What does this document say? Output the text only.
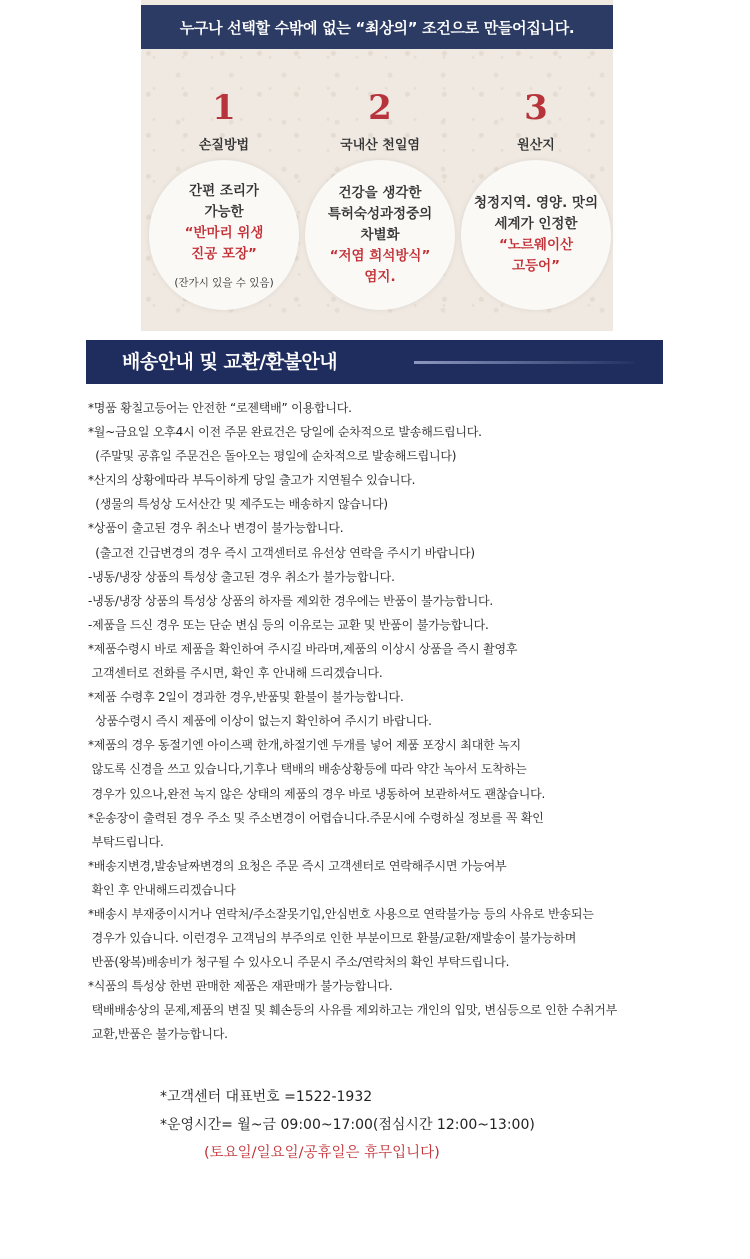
누구나 선택할 수밖에 없는 “최상의” 조건으로 만들어집니다.
1
손질방법
간편 조리가
가능한
“반마리 위생
진공 포장”
(잔가시 있을 수 있음)
2
국내산 천일염
건강을 생각한
특허숙성과정중의
차별화
“저염 희석방식”
염지.
3
원산지
청정지역. 영양. 맛의
세계가 인정한
“노르웨이산
고등어”
배송안내 및 교환/환불안내
*명품 황칠고등어는 안전한 “로젠택배” 이용합니다.
*월~금요일 오후4시 이전 주문 완료건은 당일에 순차적으로 발송해드립니다.
(주말및 공휴일 주문건은 돌아오는 평일에 순차적으로 발송해드립니다)
*산지의 상황에따라 부득이하게 당일 출고가 지연될수 있습니다.
(생물의 특성상 도서산간 및 제주도는 배송하지 않습니다)
*상품이 출고된 경우 취소나 변경이 불가능합니다.
(출고전 긴급변경의 경우 즉시 고객센터로 유선상 연락을 주시기 바랍니다)
-냉동/냉장 상품의 특성상 출고된 경우 취소가 불가능합니다.
-냉동/냉장 상품의 특성상 상품의 하자를 제외한 경우에는 반품이 불가능합니다.
-제품을 드신 경우 또는 단순 변심 등의 이유로는 교환 및 반품이 불가능합니다.
*제품수령시 바로 제품을 확인하여 주시길 바라며,제품의 이상시 상품을 즉시 촬영후
고객센터로 전화를 주시면, 확인 후 안내해 드리겠습니다.
*제품 수령후 2일이 경과한 경우,반품및 환불이 불가능합니다.
상품수령시 즉시 제품에 이상이 없는지 확인하여 주시기 바랍니다.
*제품의 경우 동절기엔 아이스팩 한개,하절기엔 두개를 넣어 제품 포장시 최대한 녹지
않도록 신경을 쓰고 있습니다,기후나 택배의 배송상황등에 따라 약간 녹아서 도착하는
경우가 있으나,완전 녹지 않은 상태의 제품의 경우 바로 냉동하여 보관하셔도 괜찮습니다.
*운송장이 출력된 경우 주소 및 주소변경이 어렵습니다.주문시에 수령하실 정보를 꼭 확인
부탁드립니다.
*배송지변경,발송날짜변경의 요청은 주문 즉시 고객센터로 연락해주시면 가능여부
확인 후 안내해드리겠습니다
*배송시 부재중이시거나 연락처/주소잘못기입,안심번호 사용으로 연락불가능 등의 사유로 반송되는
경우가 있습니다. 이런경우 고객님의 부주의로 인한 부분이므로 환불/교환/재발송이 불가능하며
반품(왕복)배송비가 청구될 수 있사오니 주문시 주소/연락처의 확인 부탁드립니다.
*식품의 특성상 한번 판매한 제품은 재판매가 불가능합니다.
택배배송상의 문제,제품의 변질 및 훼손등의 사유를 제외하고는 개인의 입맛, 변심등으로 인한 수취거부
교환,반품은 불가능합니다.
*고객센터 대표번호 =1522-1932
*운영시간= 월~금 09:00~17:00(점심시간 12:00~13:00)
(토요일/일요일/공휴일은 휴무입니다)
